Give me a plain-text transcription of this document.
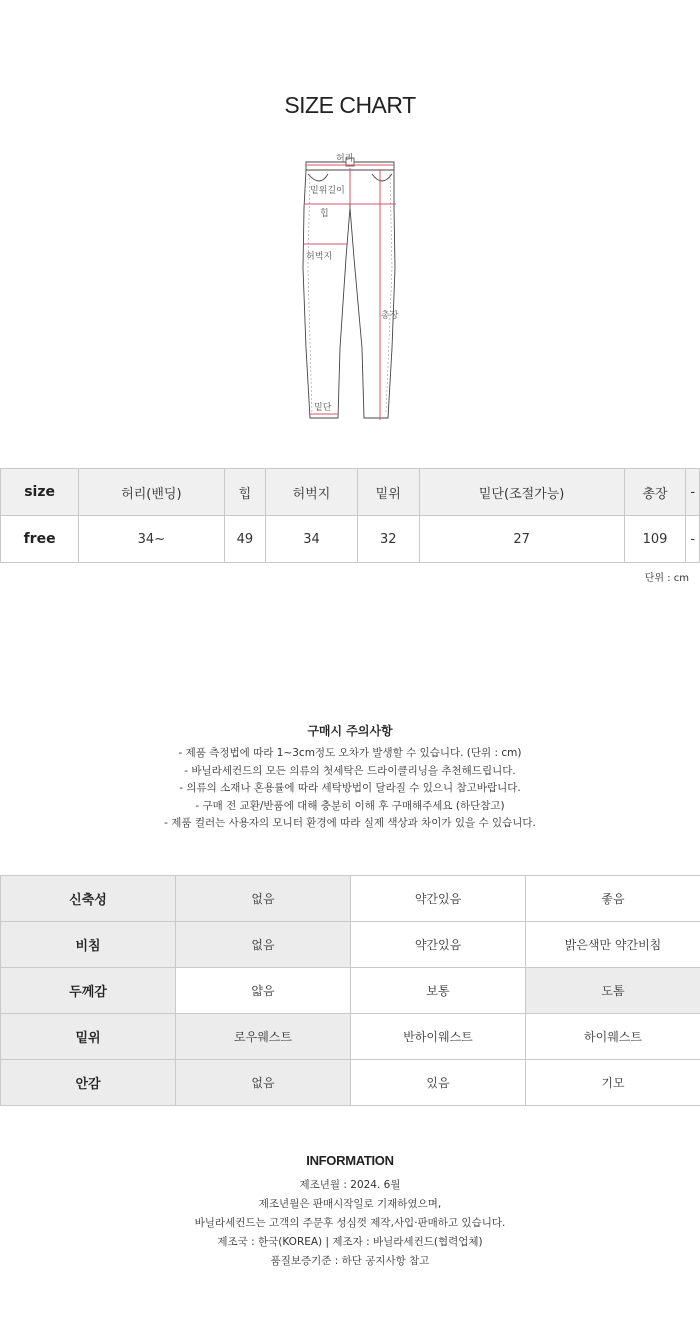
SIZE CHART
허리
밑위길이
힙
허벅지
밑단
총장
size	허리(밴딩)	힙	허벅지	밑위	밑단(조절가능)	총장	-
free	34~	49	34	32	27	109	-
단위 : cm
구매시 주의사항
- 제품 측정법에 따라 1~3cm정도 오차가 발생할 수 있습니다. (단위 : cm)
- 바닐라세컨드의 모든 의류의 첫세탁은 드라이클리닝을 추천해드립니다.
- 의류의 소재나 혼용률에 따라 세탁방법이 달라질 수 있으니 참고바랍니다.
- 구매 전 교환/반품에 대해 충분히 이해 후 구매해주세요 (하단참고)
- 제품 컬러는 사용자의 모니터 환경에 따라 실제 색상과 차이가 있을 수 있습니다.
신축성	없음	약간있음	좋음
비침	없음	약간있음	밝은색만 약간비침
두께감	얇음	보통	도톰
밑위	로우웨스트	반하이웨스트	하이웨스트
안감	없음	있음	기모
INFORMATION
제조년월 : 2024. 6월
제조년월은 판매시작일로 기재하였으며,
바닐라세컨드는 고객의 주문후 성심껏 제작,사입·판매하고 있습니다.
제조국 : 한국(KOREA) | 제조자 : 바닐라세컨드(협력업체)
품질보증기준 : 하단 공지사항 참고
